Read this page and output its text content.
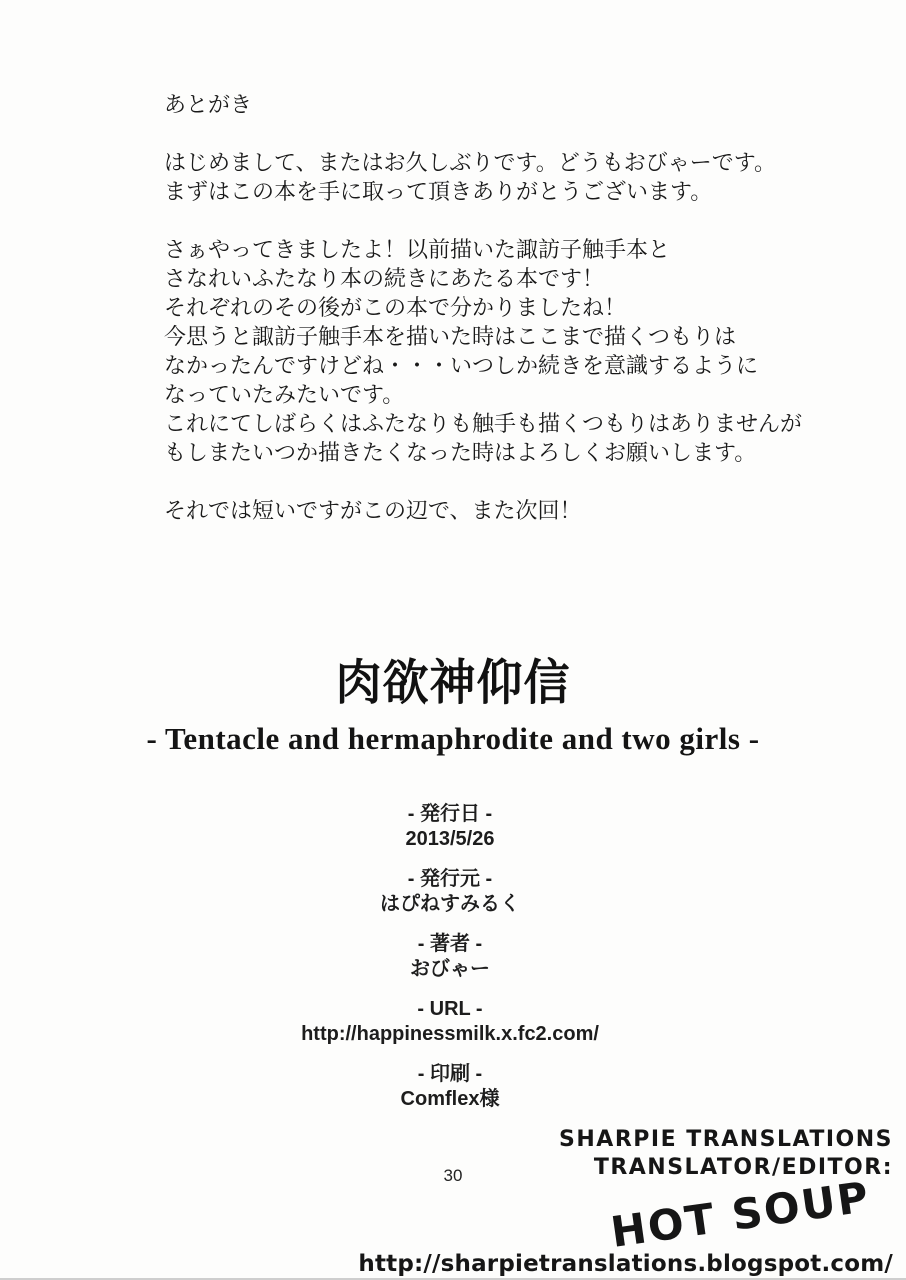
あとがき
はじめまして、またはお久しぶりです。どうもおびゃーです。
まずはこの本を手に取って頂きありがとうございます。
さぁやってきましたよ！以前描いた諏訪子触手本と
さなれいふたなり本の続きにあたる本です！
それぞれのその後がこの本で分かりましたね！
今思うと諏訪子触手本を描いた時はここまで描くつもりは
なかったんですけどね・・・いつしか続きを意識するように
なっていたみたいです。
これにてしばらくはふたなりも触手も描くつもりはありませんが
もしまたいつか描きたくなった時はよろしくお願いします。
それでは短いですがこの辺で、また次回！
肉欲神仰信
- Tentacle and hermaphrodite and two girls -
- 発行日 -
2013/5/26
- 発行元 -
はぴねすみるく
- 著者 -
おびゃー
- URL -
http://happinessmilk.x.fc2.com/
- 印刷 -
Comflex様
30
SHARPIE TRANSLATIONS
TRANSLATOR/EDITOR:
HOT SOUP
http://sharpietranslations.blogspot.com/
